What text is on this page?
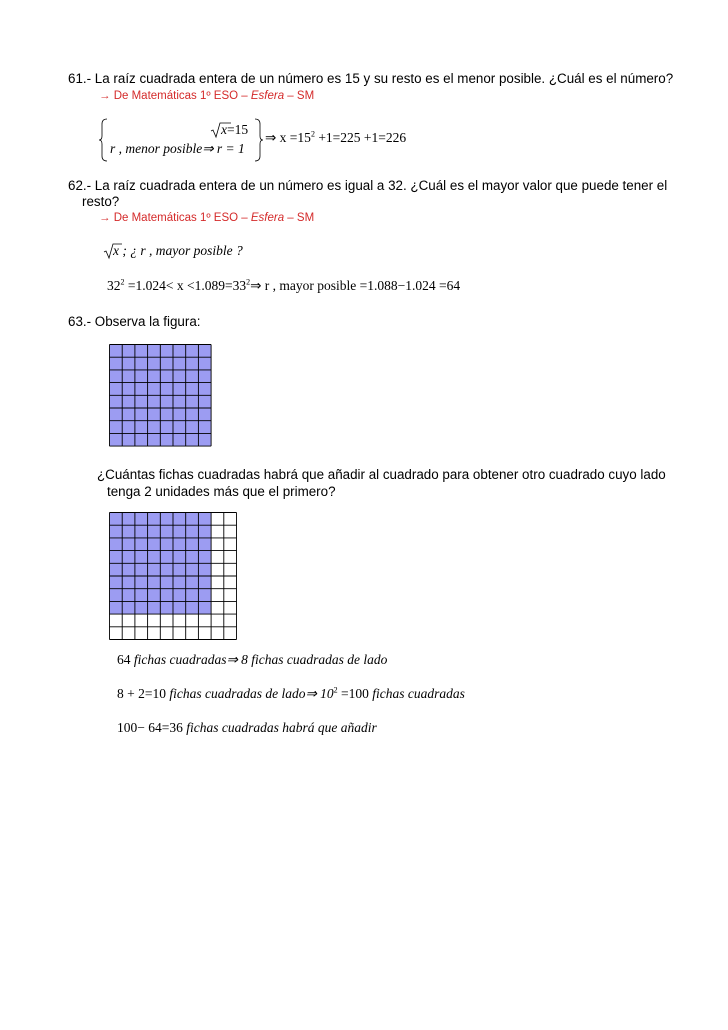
61.- La raíz cuadrada entera de un número es 15 y su resto es el menor posible. ¿Cuál es el número?
→ De Matemáticas 1º ESO – Esfera – SM
x=15
r , menor posible⇒ r = 1
⇒ $x =15^2 +1=225 +1=226$
62.- La raíz cuadrada entera de un número es igual a 32. ¿Cuál es el mayor valor que puede tener el
resto?
→ De Matemáticas 1º ESO – Esfera – SM
x ; ¿ r , mayor posible ?
$32^2 =1.024< x$ $<1.089=33^2\Rightarrow$ r , mayor posible =1.088−1.024 =64
63.- Observa la figura:
¿Cuántas fichas cuadradas habrá que añadir al cuadrado para obtener otro cuadrado cuyo lado
tenga 2 unidades más que el primero?
64 fichas cuadradas⇒ 8 fichas cuadradas de lado
8 + 2=10 fichas cuadradas de lado⇒ $10^2 =100$ fichas cuadradas
100− 64=36 fichas cuadradas habrá que añadir
